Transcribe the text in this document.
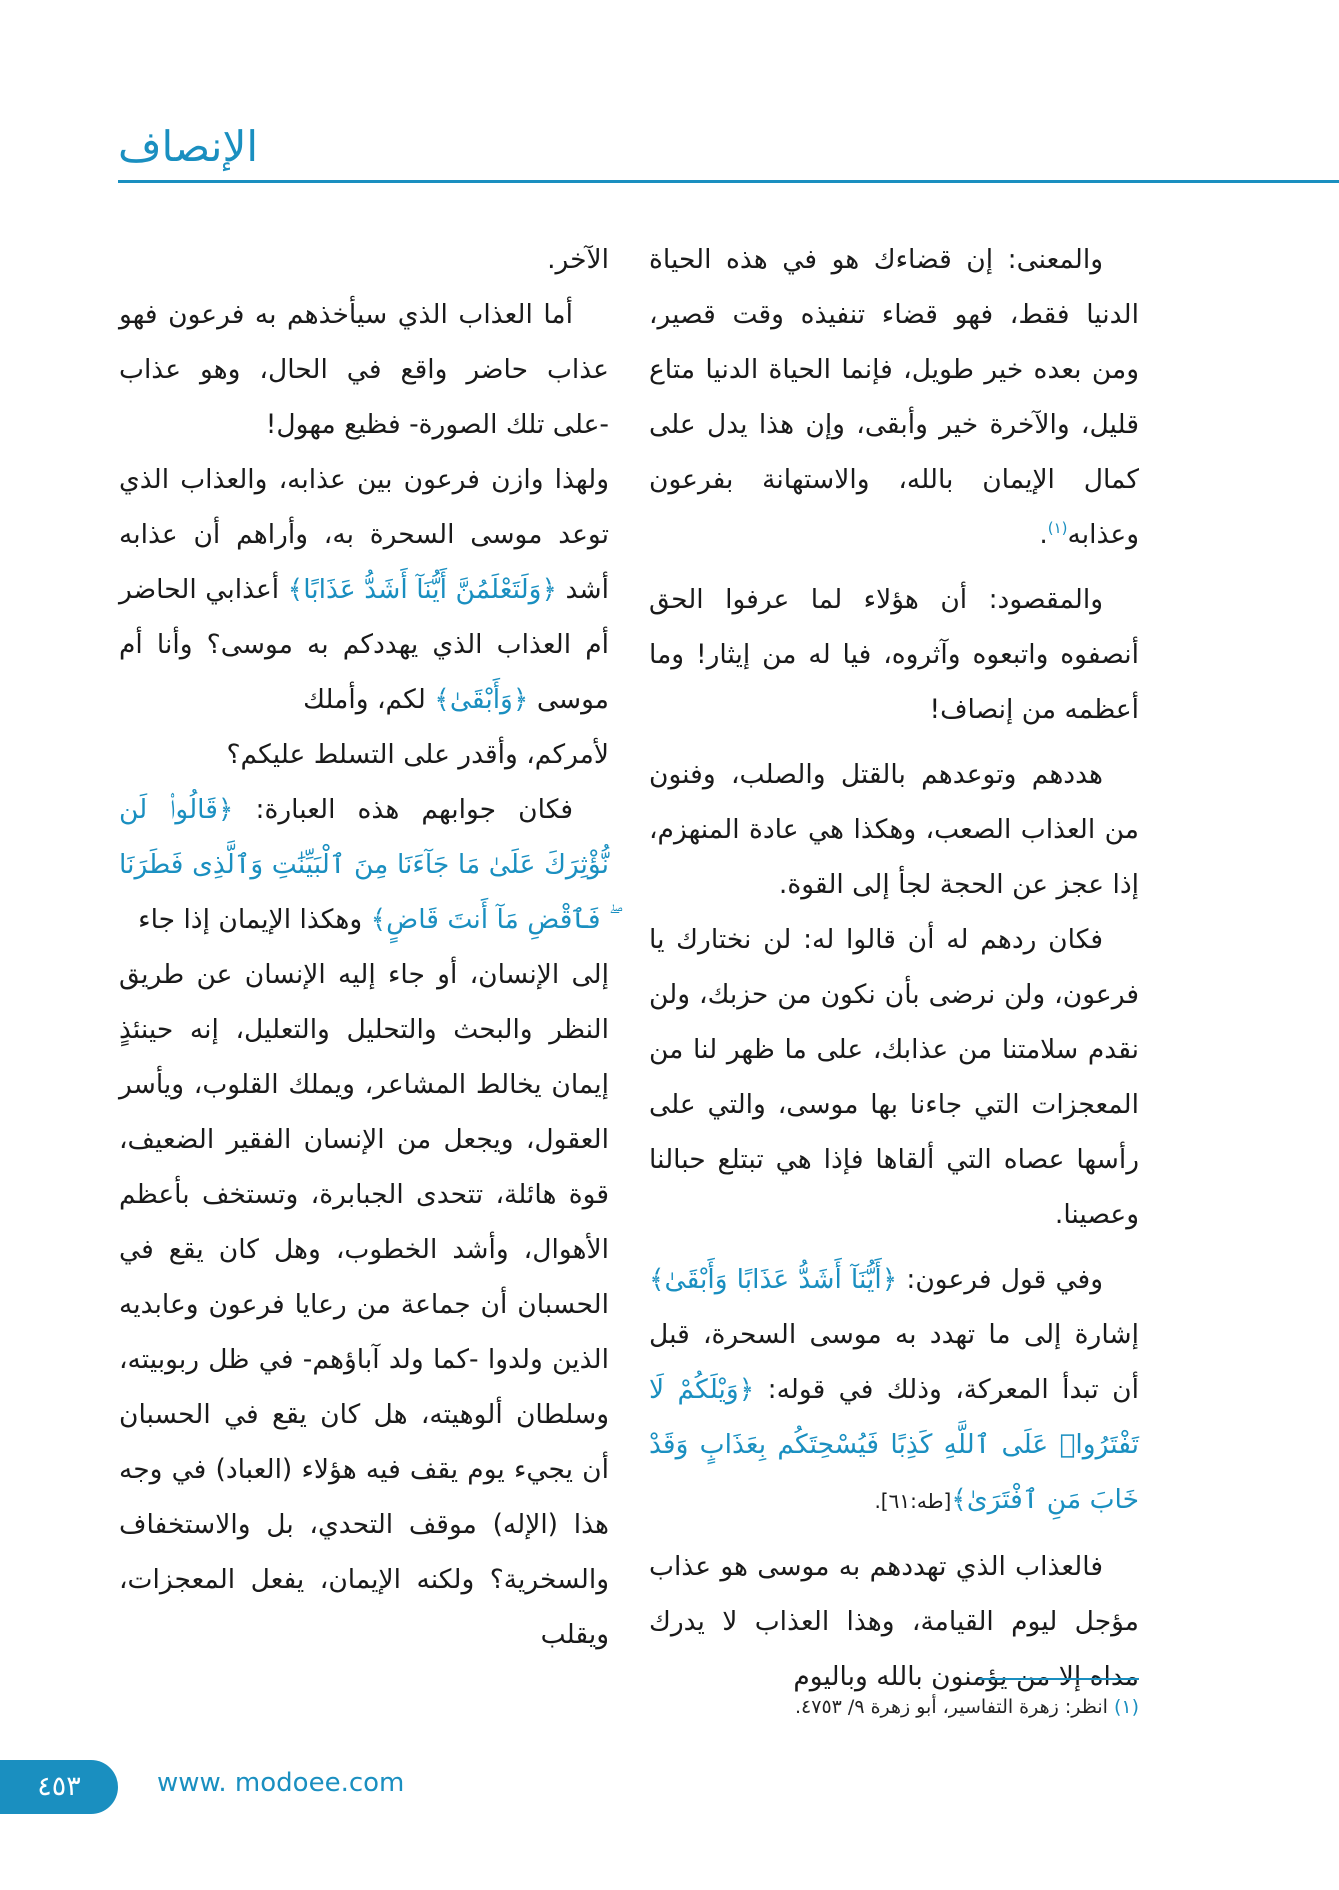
الإنصاف

والمعنى: إن قضاءك هو في هذه الحياة الدنيا فقط، فهو قضاء تنفيذه وقت قصير، ومن بعده خير طويل، فإنما الحياة الدنيا متاع قليل، والآخرة خير وأبقى، وإن هذا يدل على كمال الإيمان بالله، والاستهانة بفرعون وعذابه$^{(١)}$.

والمقصود: أن هؤلاء لما عرفوا الحق أنصفوه واتبعوه وآثروه، فيا له من إيثار! وما أعظمه من إنصاف!

هددهم وتوعدهم بالقتل والصلب، وفنون من العذاب الصعب، وهكذا هي عادة المنهزم، إذا عجز عن الحجة لجأ إلى القوة.

فكان ردهم له أن قالوا له: لن نختارك يا فرعون، ولن نرضى بأن نكون من حزبك، ولن نقدم سلامتنا من عذابك، على ما ظهر لنا من المعجزات التي جاءنا بها موسى، والتي على رأسها عصاه التي ألقاها فإذا هي تبتلع حبالنا وعصينا.

وفي قول فرعون: ﴿أَيُّنَآ أَشَدُّ عَذَابًا وَأَبْقَىٰ﴾ إشارة إلى ما تهدد به موسى السحرة، قبل أن تبدأ المعركة، وذلك في قوله: ﴿وَيْلَكُمْ لَا تَفْتَرُوا۟ عَلَى ٱللَّهِ كَذِبًا فَيُسْحِتَكُم بِعَذَابٍ وَقَدْ خَابَ مَنِ ٱفْتَرَىٰ﴾[طه:٦١].

فالعذاب الذي تهددهم به موسى هو عذاب مؤجل ليوم القيامة، وهذا العذاب لا يدرك مداه إلا من يؤمنون بالله وباليوم

الآخر.

أما العذاب الذي سيأخذهم به فرعون فهو عذاب حاضر واقع في الحال، وهو عذاب -على تلك الصورة- فظيع مهول!

ولهذا وازن فرعون بين عذابه، والعذاب الذي توعد موسى السحرة به، وأراهم أن عذابه أشد ﴿وَلَتَعْلَمُنَّ أَيُّنَآ أَشَدُّ عَذَابًا﴾ أعذابي الحاضر أم العذاب الذي يهددكم به موسى؟ وأنا أم موسى ﴿وَأَبْقَىٰ﴾ لكم، وأملك

لأمركم، وأقدر على التسلط عليكم؟

فكان جوابهم هذه العبارة: ﴿قَالُوا۟ لَن نُّؤْثِرَكَ عَلَىٰ مَا جَآءَنَا مِنَ ٱلْبَيِّنَٰتِ وَٱلَّذِى فَطَرَنَا ۖ فَٱقْضِ مَآ أَنتَ قَاضٍ﴾ وهكذا الإيمان إذا جاء

إلى الإنسان، أو جاء إليه الإنسان عن طريق النظر والبحث والتحليل والتعليل، إنه حينئذٍ إيمان يخالط المشاعر، ويملك القلوب، ويأسر العقول، ويجعل من الإنسان الفقير الضعيف، قوة هائلة، تتحدى الجبابرة، وتستخف بأعظم الأهوال، وأشد الخطوب، وهل كان يقع في الحسبان أن جماعة من رعايا فرعون وعابديه الذين ولدوا -كما ولد آباؤهم- في ظل ربوبيته، وسلطان ألوهيته، هل كان يقع في الحسبان أن يجيء يوم يقف فيه هؤلاء (العباد) في وجه هذا (الإله) موقف التحدي، بل والاستخفاف والسخرية؟ ولكنه الإيمان، يفعل المعجزات، ويقلب

(١) انظر: زهرة التفاسير، أبو زهرة ٩/ ٤٧٥٣.
٤٥٣	www. modoee.com
